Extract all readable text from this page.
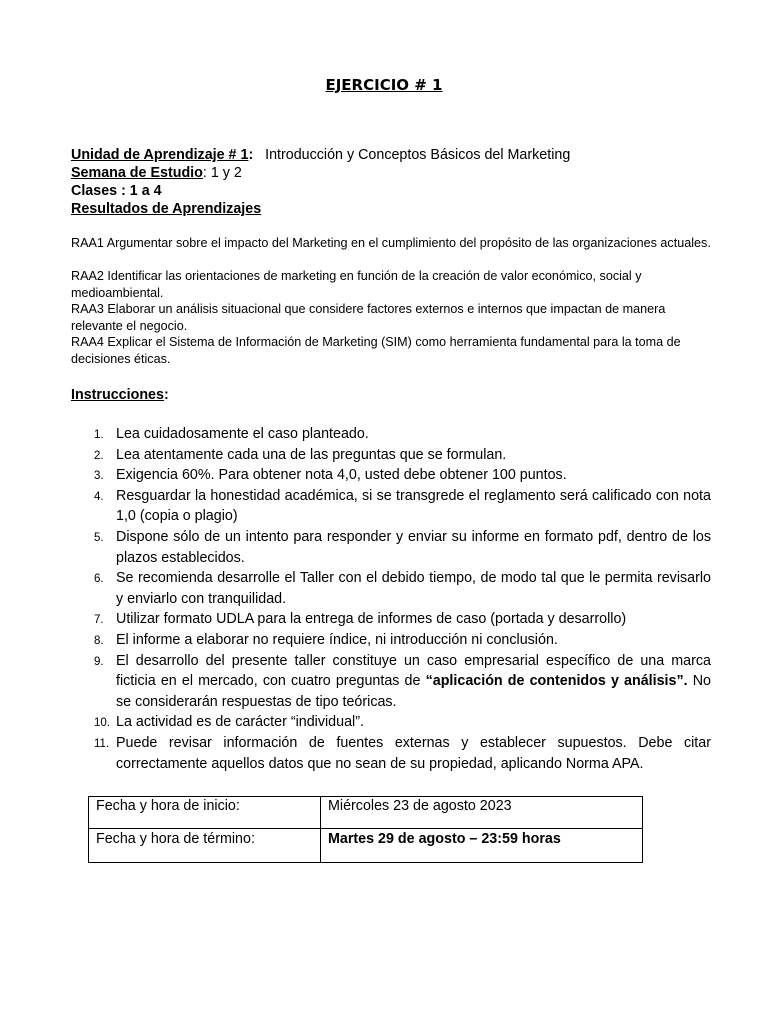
EJERCICIO # 1
Unidad de Aprendizaje # 1: Introducción y Conceptos Básicos del Marketing
Semana de Estudio: 1 y 2
Clases : 1 a 4
Resultados de Aprendizajes
RAA1 Argumentar sobre el impacto del Marketing en el cumplimiento del propósito de las organizaciones actuales.
RAA2 Identificar las orientaciones de marketing en función de la creación de valor económico, social y medioambiental.
RAA3 Elaborar un análisis situacional que considere factores externos e internos que impactan de manera relevante el negocio.
RAA4 Explicar el Sistema de Información de Marketing (SIM) como herramienta fundamental para la toma de decisiones éticas.
Instrucciones:
1. Lea cuidadosamente el caso planteado.
2. Lea atentamente cada una de las preguntas que se formulan.
3. Exigencia 60%. Para obtener nota 4,0, usted debe obtener 100 puntos.
4. Resguardar la honestidad académica, si se transgrede el reglamento será calificado con nota 1,0 (copia o plagio)
5. Dispone sólo de un intento para responder y enviar su informe en formato pdf, dentro de los plazos establecidos.
6. Se recomienda desarrolle el Taller con el debido tiempo, de modo tal que le permita revisarlo y enviarlo con tranquilidad.
7. Utilizar formato UDLA para la entrega de informes de caso (portada y desarrollo)
8. El informe a elaborar no requiere índice, ni introducción ni conclusión.
9. El desarrollo del presente taller constituye un caso empresarial específico de una marca ficticia en el mercado, con cuatro preguntas de “aplicación de contenidos y análisis”. No se considerarán respuestas de tipo teóricas.
10. La actividad es de carácter “individual”.
11. Puede revisar información de fuentes externas y establecer supuestos. Debe citar correctamente aquellos datos que no sean de su propiedad, aplicando Norma APA.
Fecha y hora de inicio:	Miércoles 23 de agosto 2023
Fecha y hora de término:	Martes 29 de agosto – 23:59 horas
